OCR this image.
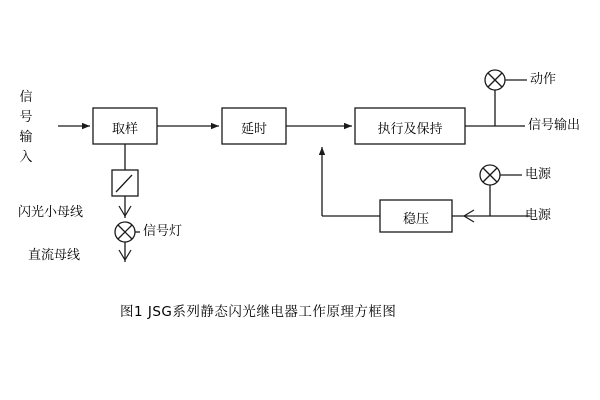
取样	延时	执行及保持
稳压
信号输入
闪光小母线
直流母线
动作
信号输出
电源
电源
信号灯
图1 JSG系列静态闪光继电器工作原理方框图
